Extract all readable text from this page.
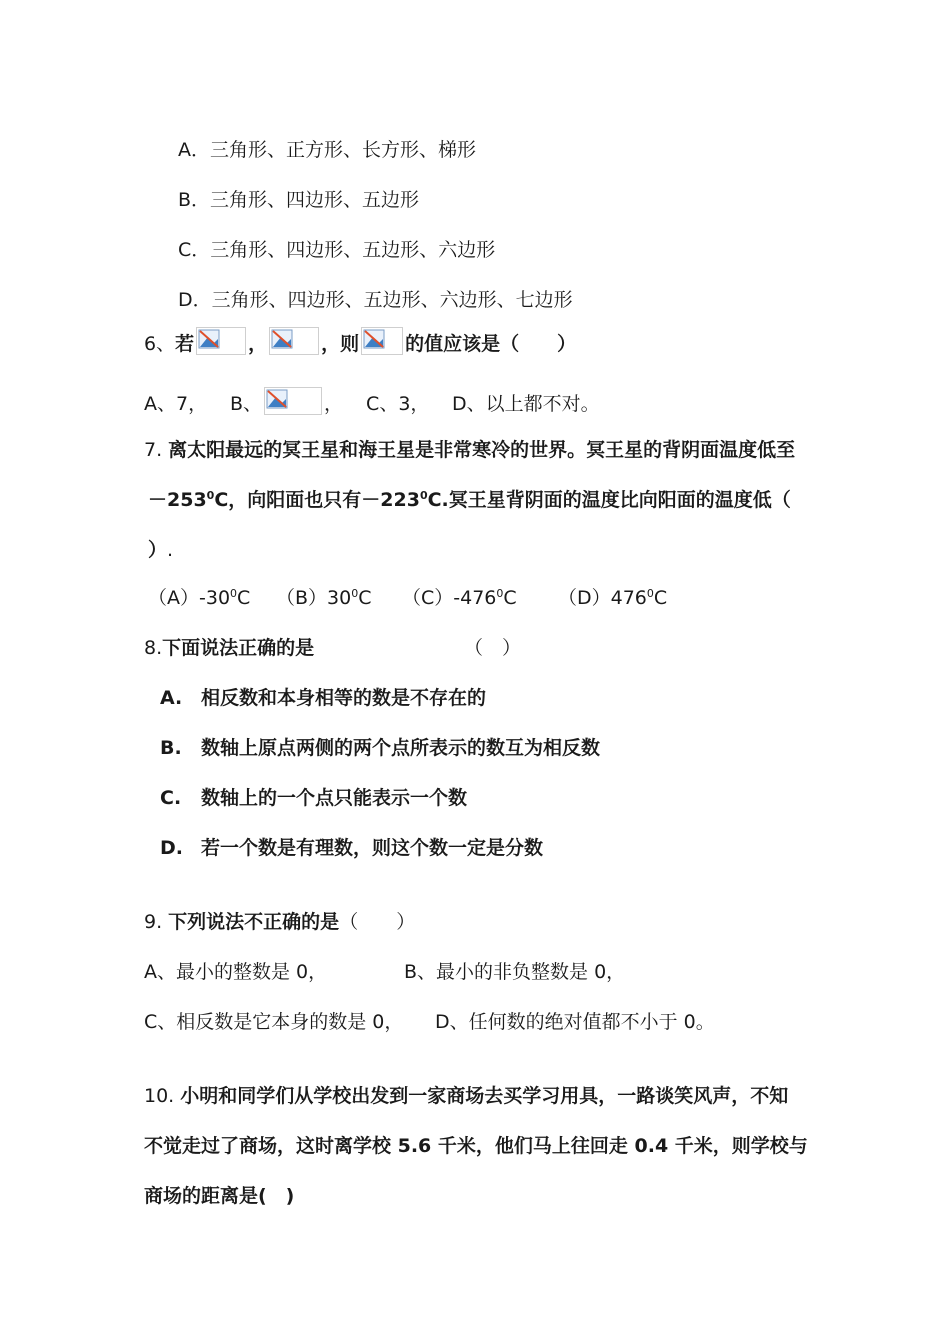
A．三角形、正方形、长方形、梯形
B．三角形、四边形、五边形
C．三角形、四边形、五边形、六边形
D．三角形、四边形、五边形、六边形、七边形
6、若	，	，则 的值应该是（　　）
A、7， B、	， C、3， D、以上都不对。
7. 离太阳最远的冥王星和海王星是非常寒冷的世界。冥王星的背阴面温度低至
$-253^0C$，向阳面也只有$-223^0C$.冥王星背阴面的温度比向阳面的温度低（
）.
$(A)-30^0C$ $(B)30^0C$ $(C)-476^0C$ $(D)476^0C$
8.下面说法正确的是	（　）
A. 相反数和本身相等的数是不存在的
B. 数轴上原点两侧的两个点所表示的数互为相反数
C. 数轴上的一个点只能表示一个数
D. 若一个数是有理数，则这个数一定是分数
9. 下列说法不正确的是（　　）
A、最小的整数是 0，	B、最小的非负整数是 0，
C、相反数是它本身的数是 0， D、任何数的绝对值都不小于 0。
10. 小明和同学们从学校出发到一家商场去买学习用具，一路谈笑风声，不知
不觉走过了商场，这时离学校 5.6 千米，他们马上往回走 0.4 千米，则学校与
商场的距离是(　)
